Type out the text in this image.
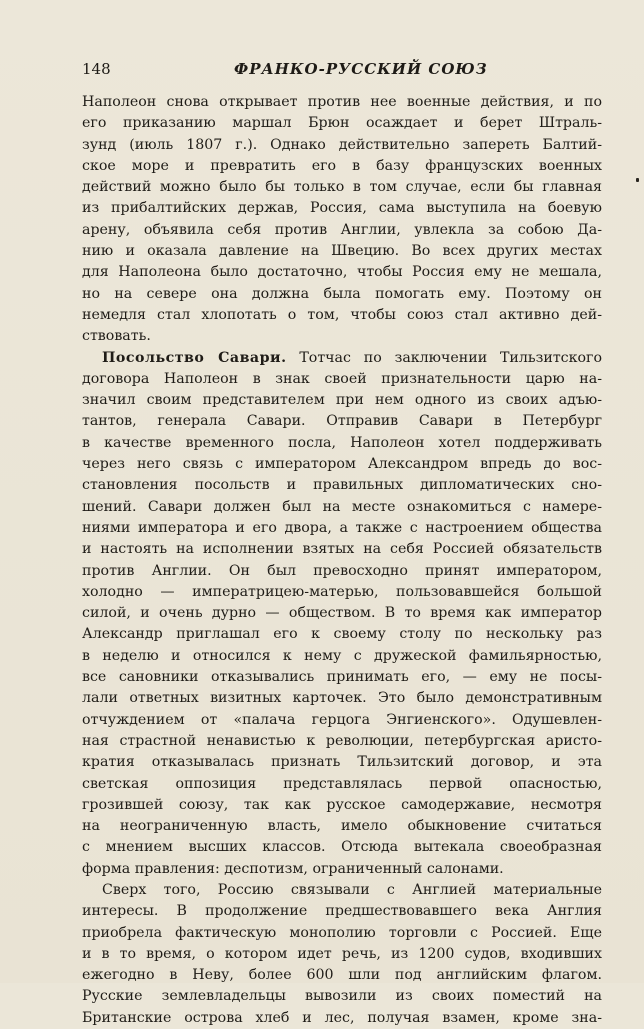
148	ФРАНКО-РУССКИЙ СОЮЗ
Наполеон снова открывает против нее военные действия, и по
его приказанию маршал Брюн осаждает и берет Штраль-
зунд (июль 1807 г.). Однако действительно запереть Балтий-
ское море и превратить его в базу французских военных
действий можно было бы только в том случае, если бы главная
из прибалтийских держав, Россия, сама выступила на боевую
арену, объявила себя против Англии, увлекла за собою Да-
нию и оказала давление на Швецию. Во всех других местах
для Наполеона было достаточно, чтобы Россия ему не мешала,
но на севере она должна была помогать ему. Поэтому он
немедля стал хлопотать о том, чтобы союз стал активно дей-
ствовать.
Посольство Савари. Тотчас по заключении Тильзитского
договора Наполеон в знак своей признательности царю на-
значил своим представителем при нем одного из своих адъю-
тантов, генерала Савари. Отправив Савари в Петербург
в качестве временного посла, Наполеон хотел поддерживать
через него связь с императором Александром впредь до вос-
становления посольств и правильных дипломатических сно-
шений. Савари должен был на месте ознакомиться с намере-
ниями императора и его двора, а также с настроением общества
и настоять на исполнении взятых на себя Россией обязательств
против Англии. Он был превосходно принят императором,
холодно — императрицею-матерью, пользовавшейся большой
силой, и очень дурно — обществом. В то время как император
Александр приглашал его к своему столу по нескольку раз
в неделю и относился к нему с дружеской фамильярностью,
все сановники отказывались принимать его, — ему не посы-
лали ответных визитных карточек. Это было демонстративным
отчуждением от «палача герцога Энгиенского». Одушевлен-
ная страстной ненавистью к революции, петербургская аристо-
кратия отказывалась признать Тильзитский договор, и эта
светская оппозиция представлялась первой опасностью,
грозившей союзу, так как русское самодержавие, несмотря
на неограниченную власть, имело обыкновение считаться
с мнением высших классов. Отсюда вытекала своеобразная
форма правления: деспотизм, ограниченный салонами.
Сверх того, Россию связывали с Англией материальные
интересы. В продолжение предшествовавшего века Англия
приобрела фактическую монополию торговли с Россией. Еще
и в то время, о котором идет речь, из 1200 судов, входивших
ежегодно в Неву, более 600 шли под английским флагом.
Русские землевладельцы вывозили из своих поместий на
Британские острова хлеб и лес, получая взамен, кроме зна-
